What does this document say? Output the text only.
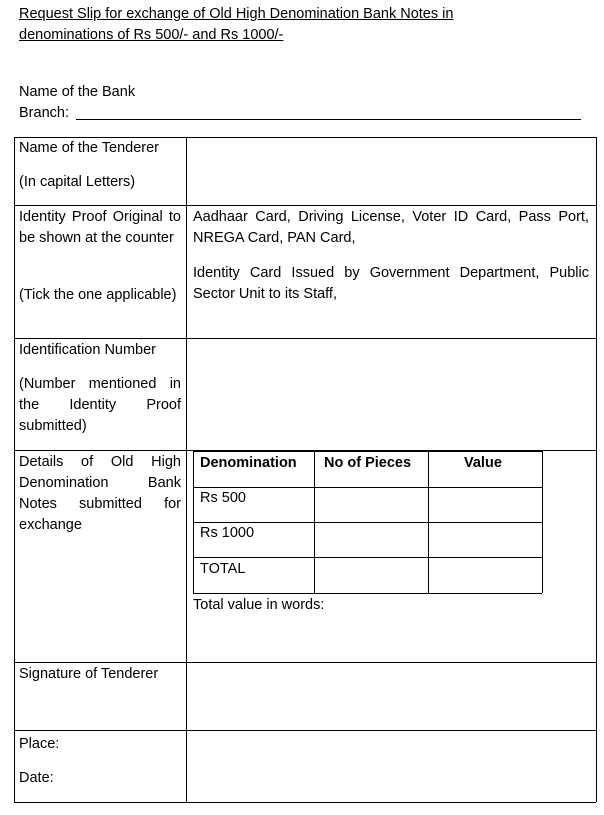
Request Slip for exchange of Old High Denomination Bank Notes in
denominations of Rs 500/- and Rs 1000/-
Name of the Bank
Branch:
Name of the Tenderer
(In capital Letters)
Identity Proof Original to be shown at the counter
(Tick the one applicable)
Aadhaar Card, Driving License, Voter ID Card, Pass Port, NREGA Card, PAN Card,
Identity Card Issued by Government Department, Public Sector Unit to its Staff,
Identification Number
(Number mentioned in the Identity Proof submitted)
Details of Old High Denomination Bank Notes submitted for exchange
Denomination No of Pieces	Value
Rs 500
Rs 1000
TOTAL
Total value in words:
Signature of Tenderer
Place:
Date:
